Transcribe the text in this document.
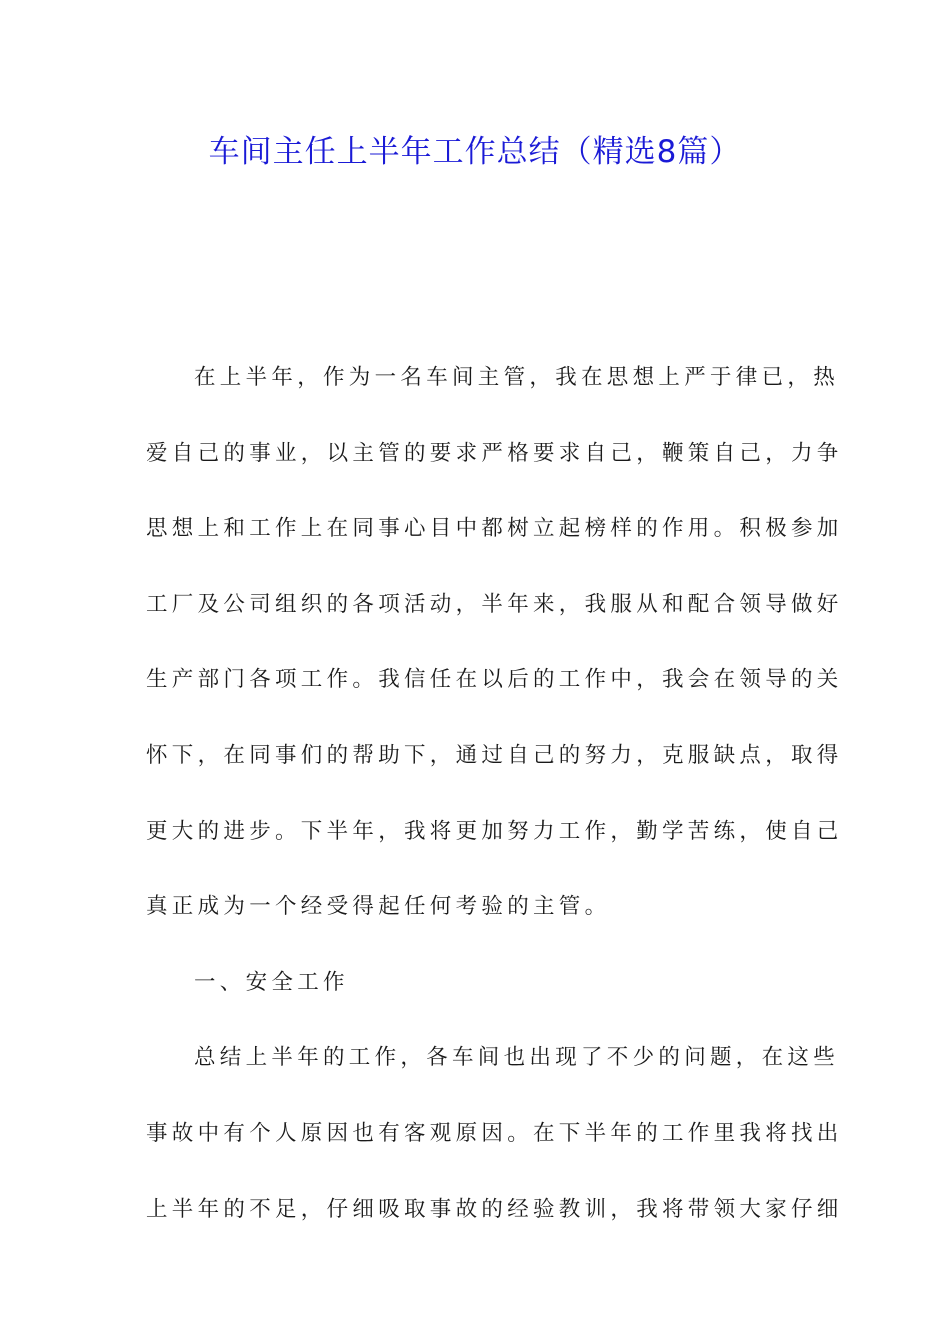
车间主任上半年工作总结（精选8篇）
在上半年，作为一名车间主管，我在思想上严于律已，热
爱自己的事业，以主管的要求严格要求自己，鞭策自己，力争
思想上和工作上在同事心目中都树立起榜样的作用。积极参加
工厂及公司组织的各项活动，半年来，我服从和配合领导做好
生产部门各项工作。我信任在以后的工作中，我会在领导的关
怀下，在同事们的帮助下，通过自己的努力，克服缺点，取得
更大的进步。下半年，我将更加努力工作，勤学苦练，使自己
真正成为一个经受得起任何考验的主管。
一、安全工作
总结上半年的工作，各车间也出现了不少的问题，在这些
事故中有个人原因也有客观原因。在下半年的工作里我将找出
上半年的不足，仔细吸取事故的经验教训，我将带领大家仔细
